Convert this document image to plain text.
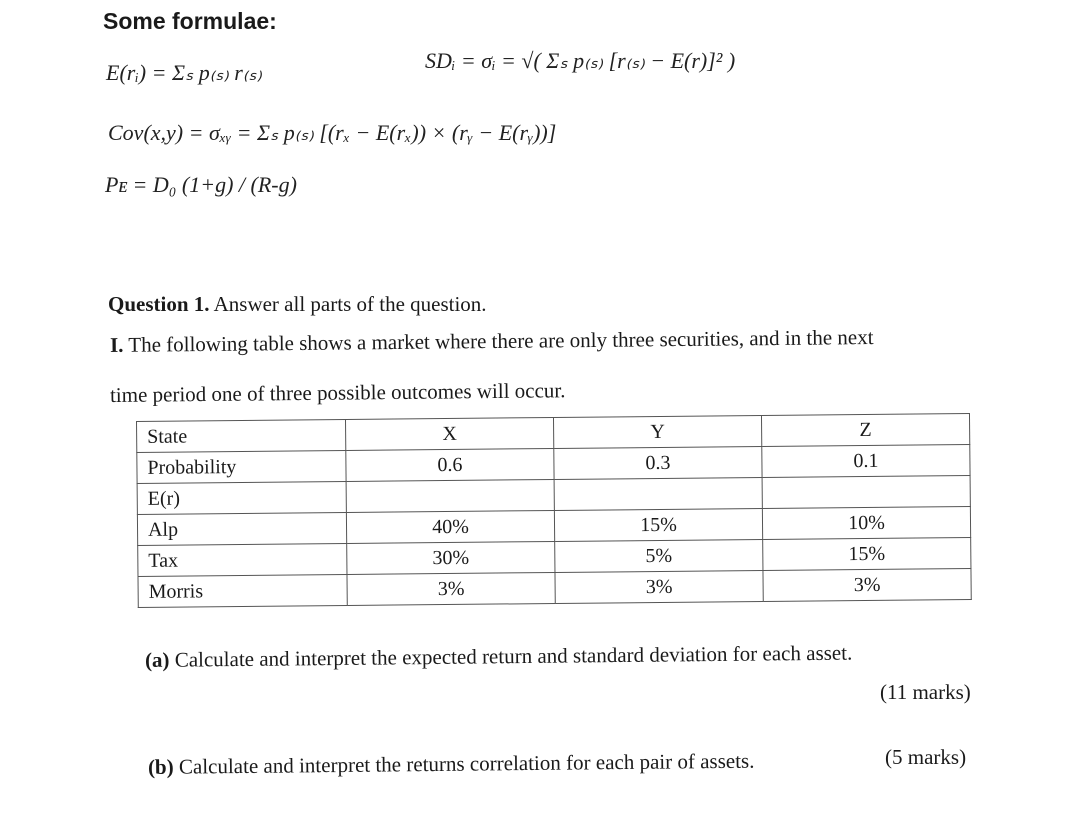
Some formulae:
E(rᵢ) = Σₛ p₍ₛ₎ r₍ₛ₎	SDᵢ = σᵢ = √( Σₛ p₍ₛ₎ [r₍ₛ₎ − E(r)]² )
Cov(x,y) = σₓᵧ = Σₛ p₍ₛ₎ [(rₓ − E(rₓ)) × (rᵧ − E(rᵧ))]
Pᴇ = D₀ (1+g) / (R-g)
Question 1. Answer all parts of the question.
I. The following table shows a market where there are only three securities, and in the next
time period one of three possible outcomes will occur.
State	X	Y	Z
Probability	0.6	0.3	0.1
E(r)			
Alp	40%	15%	10%
Tax	30%	5%	15%
Morris	3%	3%	3%
(a) Calculate and interpret the expected return and standard deviation for each asset.
(11 marks)
(b) Calculate and interpret the returns correlation for each pair of assets.	(5 marks)
